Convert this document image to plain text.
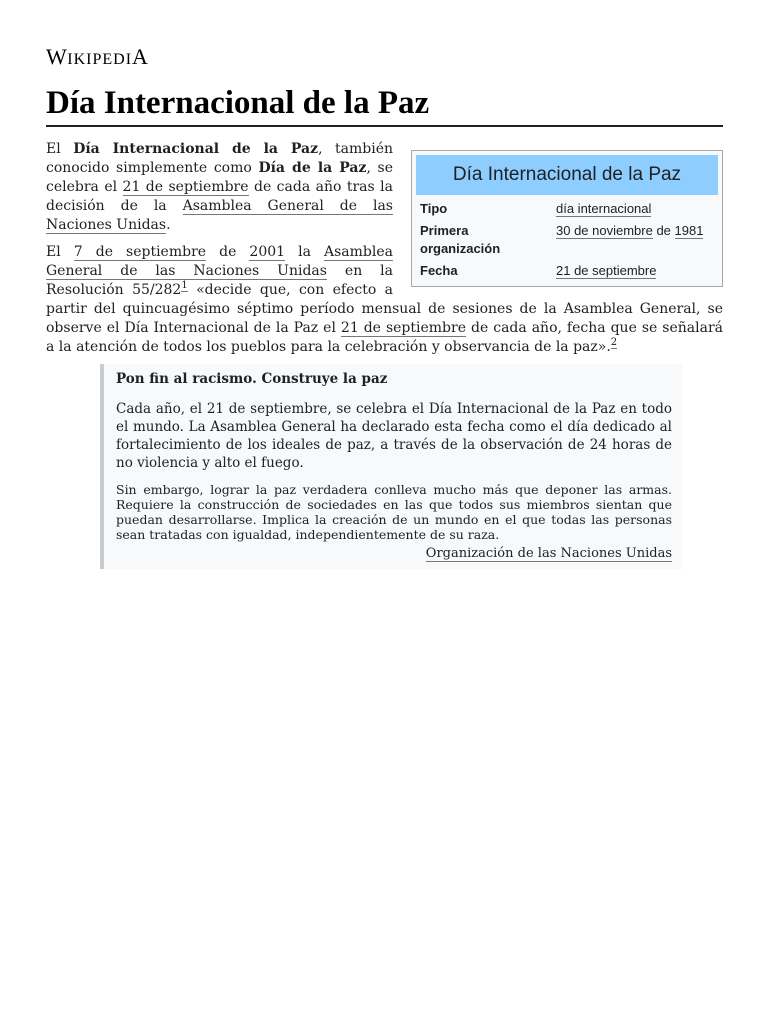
WIKIPEDIA
Día Internacional de la Paz
Día Internacional de la Paz
Tipo	día internacional
Primera organización	30 de noviembre de 1981
Fecha	21 de septiembre

El Día Internacional de la Paz, también conocido simplemente como Día de la Paz, se celebra el 21 de septiembre de cada año tras la decisión de la Asamblea General de las Naciones Unidas.

El 7 de septiembre de 2001 la Asamblea General de las Naciones Unidas en la Resolución $55/282^1$ «decide que, con efecto a partir del quincuagésimo séptimo período mensual de sesiones de la Asamblea General, se observe el Día Internacional de la Paz el 21 de septiembre de cada año, fecha que se señalará a la atención de todos los pueblos para la celebración y observancia de la paz».$^2$

Pon fin al racismo. Construye la paz

Cada año, el 21 de septiembre, se celebra el Día Internacional de la Paz en todo el mundo. La Asamblea General ha declarado esta fecha como el día dedicado al fortalecimiento de los ideales de paz, a través de la observación de 24 horas de no violencia y alto el fuego.

Sin embargo, lograr la paz verdadera conlleva mucho más que deponer las armas. Requiere la construcción de sociedades en las que todos sus miembros sientan que puedan desarrollarse. Implica la creación de un mundo en el que todas las personas sean tratadas con igualdad, independientemente de su raza.

Organización de las Naciones Unidas
